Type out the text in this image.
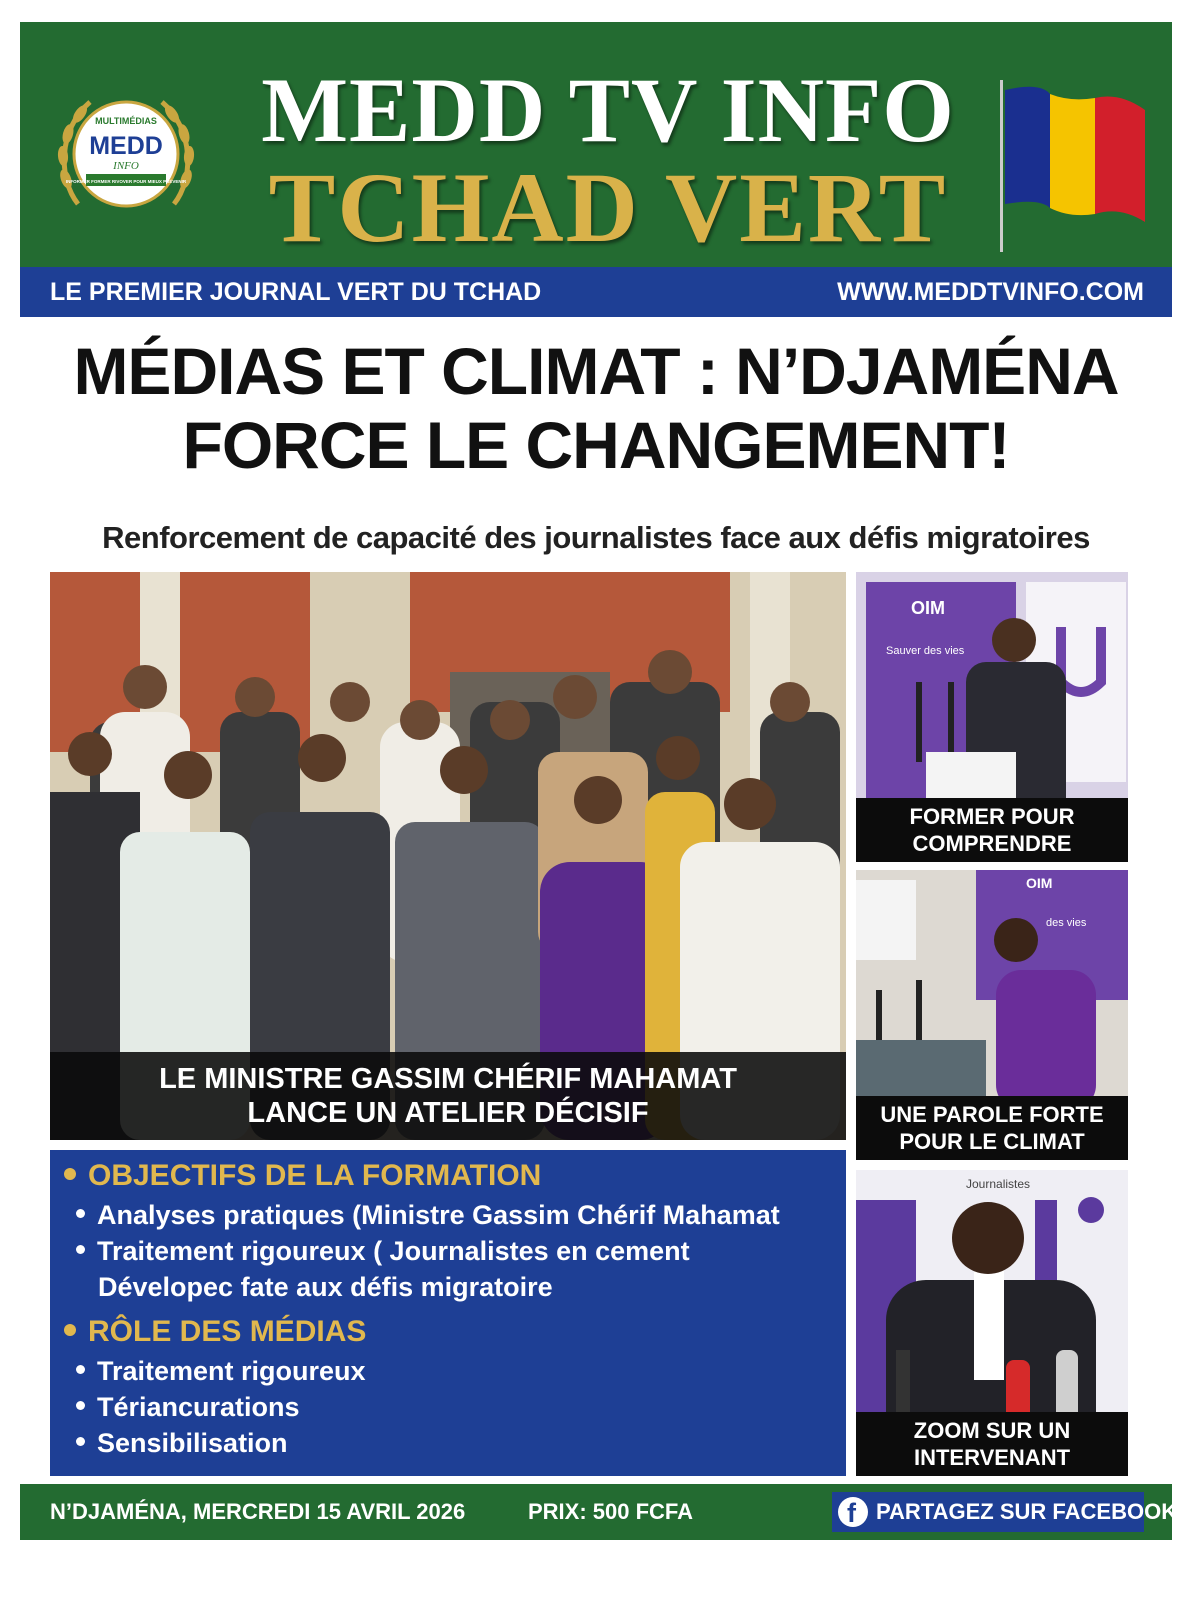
MULTIMÉDIAS
MEDD
INFO
INFORMER FORMER RIVOVER POUR MIEUX PRÉVENIR
MEDD TV INFO
TCHAD VERT
LE PREMIER JOURNAL VERT DU TCHAD	WWW.MEDDTVINFO.COM
MÉDIAS ET CLIMAT : N’DJAMÉNA
FORCE LE CHANGEMENT!
Renforcement de capacité des journalistes face aux défis migratoires
LE MINISTRE GASSIM CHÉRIF MAHAMAT
LANCE UN ATELIER DÉCISIF
OIM
Sauver des vies
FORMER POUR
COMPRENDRE
OIM
des vies
UNE PAROLE FORTE
POUR LE CLIMAT
Journalistes
ZOOM SUR UN
INTERVENANT
OBJECTIFS DE LA FORMATION
Analyses pratiques (Ministre Gassim Chérif Mahamat
Traitement rigoureux ( Journalistes en cement
Dévelopec fate aux défis migratoire
RÔLE DES MÉDIAS
Traitement rigoureux
Tériancurations
Sensibilisation
N’DJAMÉNA, MERCREDI 15 AVRIL 2026	PRIX: 500 FCFA	f PARTAGEZ SUR FACEBOOK
